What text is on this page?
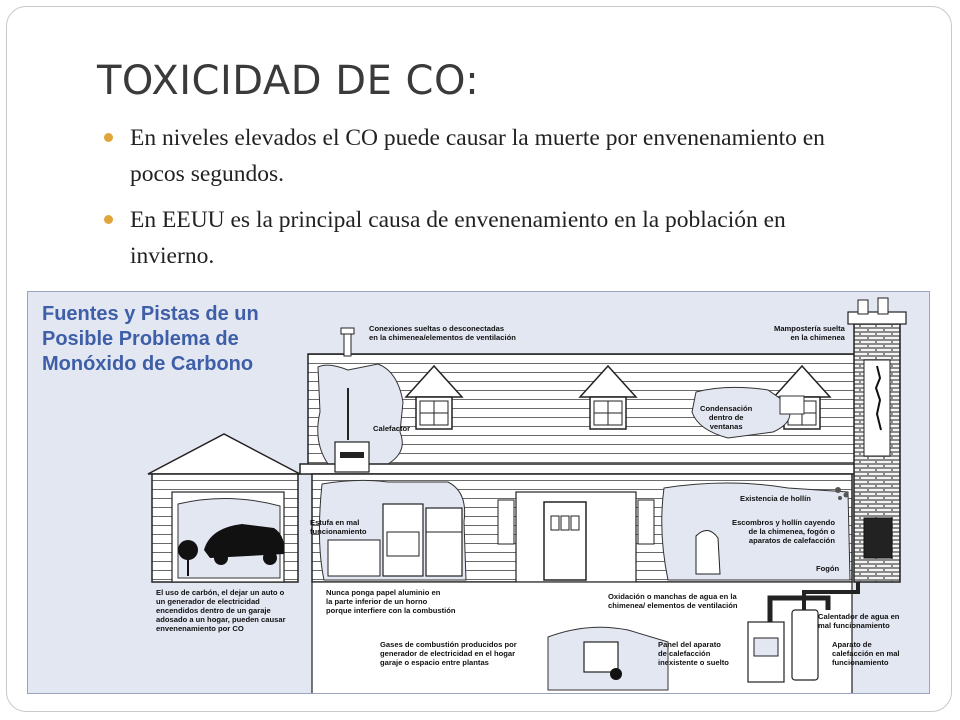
TOXICIDAD DE CO:
En niveles elevados el CO puede causar la muerte por envenenamiento en pocos segundos.
En EEUU es la principal causa de envenenamiento en la población en invierno.
Fuentes y Pistas de un Posible Problema de Monóxido de Carbono
Conexiones sueltas o desconectadas
en la chimenea/elementos de ventilación
Mampostería suelta
en la chimenea
Calefactor
Condensación
dentro de
ventanas
Existencia de hollín
Escombros y hollín cayendo
de la chimenea, fogón o
aparatos de calefacción
Fogón
Estufa en mal
funcionamiento
El uso de carbón, el dejar un auto o
un generador de electricidad
encendidos dentro de un garaje
adosado a un hogar, pueden causar
envenenamiento por CO
Nunca ponga papel aluminio en
la parte inferior de un horno
porque interfiere con la combustión
Oxidación o manchas de agua en la
chimenea/ elementos de ventilación
Calentador de agua en
mal funcionamiento
Gases de combustión producidos por
generador de electricidad en el hogar
garaje o espacio entre plantas
Panel del aparato
de calefacción
inexistente o suelto
Aparato de
calefacción en mal
funcionamiento
